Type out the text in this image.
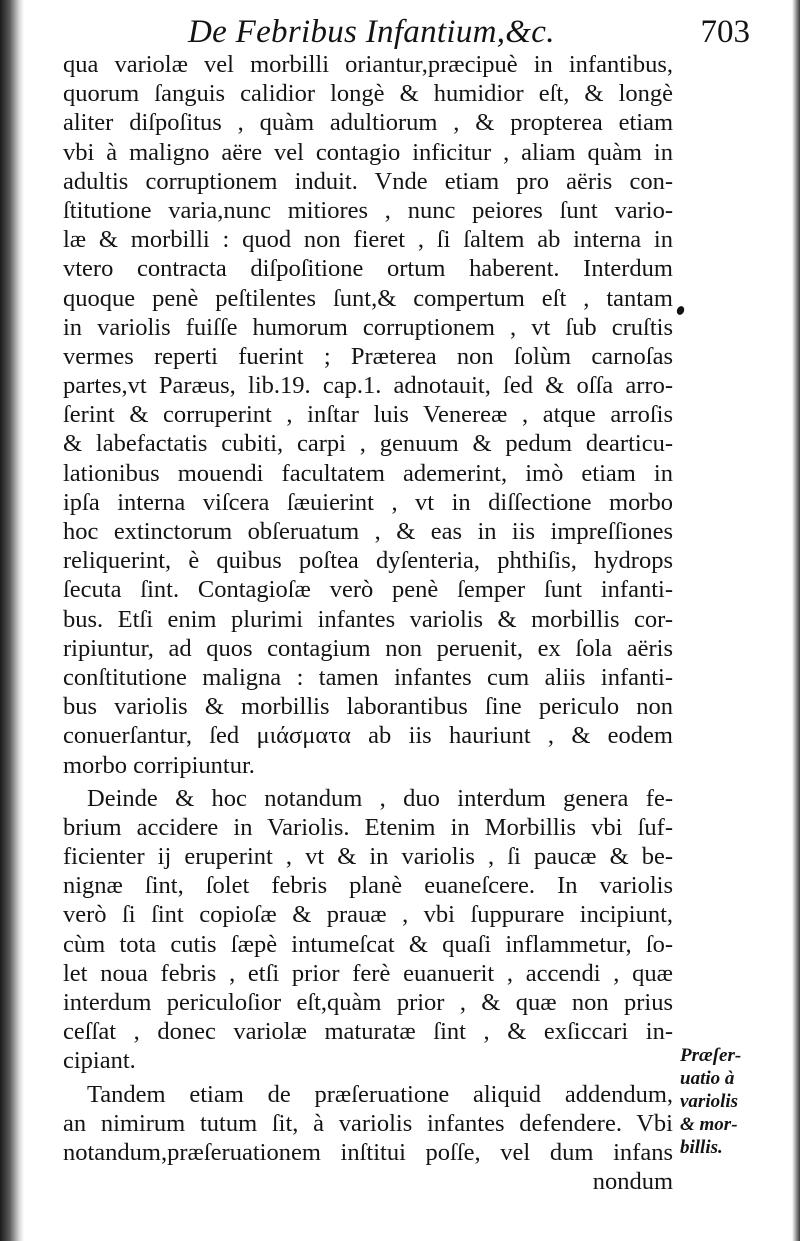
De Febribus Infantium,&c.	703
qua variolæ vel morbilli oriantur,præcipuè in infantibus,
quorum ſanguis calidior longè & humidior eſt, & longè
aliter diſpoſitus , quàm adultiorum , & propterea etiam
vbi à maligno aëre vel contagio inficitur , aliam quàm in
adultis corruptionem induit. Vnde etiam pro aëris con-
ſtitutione varia,nunc mitiores , nunc peiores ſunt vario-
læ & morbilli : quod non fieret , ſi ſaltem ab interna in
vtero contracta diſpoſitione ortum haberent. Interdum
quoque penè peſtilentes ſunt,& compertum eſt , tantam
in variolis fuiſſe humorum corruptionem , vt ſub cruſtis
vermes reperti fuerint ; Præterea non ſolùm carnoſas
partes,vt Paræus, lib.19. cap.1. adnotauit, ſed & oſſa arro-
ſerint & corruperint , inſtar luis Venereæ , atque arroſis
& labefactatis cubiti, carpi , genuum & pedum dearticu-
lationibus mouendi facultatem ademerint, imò etiam in
ipſa interna viſcera ſæuierint , vt in diſſectione morbo
hoc extinctorum obſeruatum , & eas in iis impreſſiones
reliquerint, è quibus poſtea dyſenteria, phthiſis, hydrops
ſecuta ſint. Contagioſæ verò penè ſemper ſunt infanti-
bus. Etſi enim plurimi infantes variolis & morbillis cor-
ripiuntur, ad quos contagium non peruenit, ex ſola aëris
conſtitutione maligna : tamen infantes cum aliis infanti-
bus variolis & morbillis laborantibus ſine periculo non
conuerſantur, ſed μιάσματα ab iis hauriunt , & eodem
morbo corripiuntur.
Deinde & hoc notandum , duo interdum genera fe-
brium accidere in Variolis. Etenim in Morbillis vbi ſuf-
ficienter ij eruperint , vt & in variolis , ſi paucæ & be-
nignæ ſint, ſolet febris planè euaneſcere. In variolis
verò ſi ſint copioſæ & prauæ , vbi ſuppurare incipiunt,
cùm tota cutis ſæpè intumeſcat & quaſi inflammetur, ſo-
let noua febris , etſi prior ferè euanuerit , accendi , quæ
interdum periculoſior eſt,quàm prior , & quæ non prius
ceſſat , donec variolæ maturatæ ſint , & exſiccari in-
cipiant.
Tandem etiam de præſeruatione aliquid addendum,
an nimirum tutum ſit, à variolis infantes defendere. Vbi
notandum,præſeruationem inſtitui poſſe, vel dum infans
nondum
Præſer-
uatio à
variolis
& mor-
billis.
